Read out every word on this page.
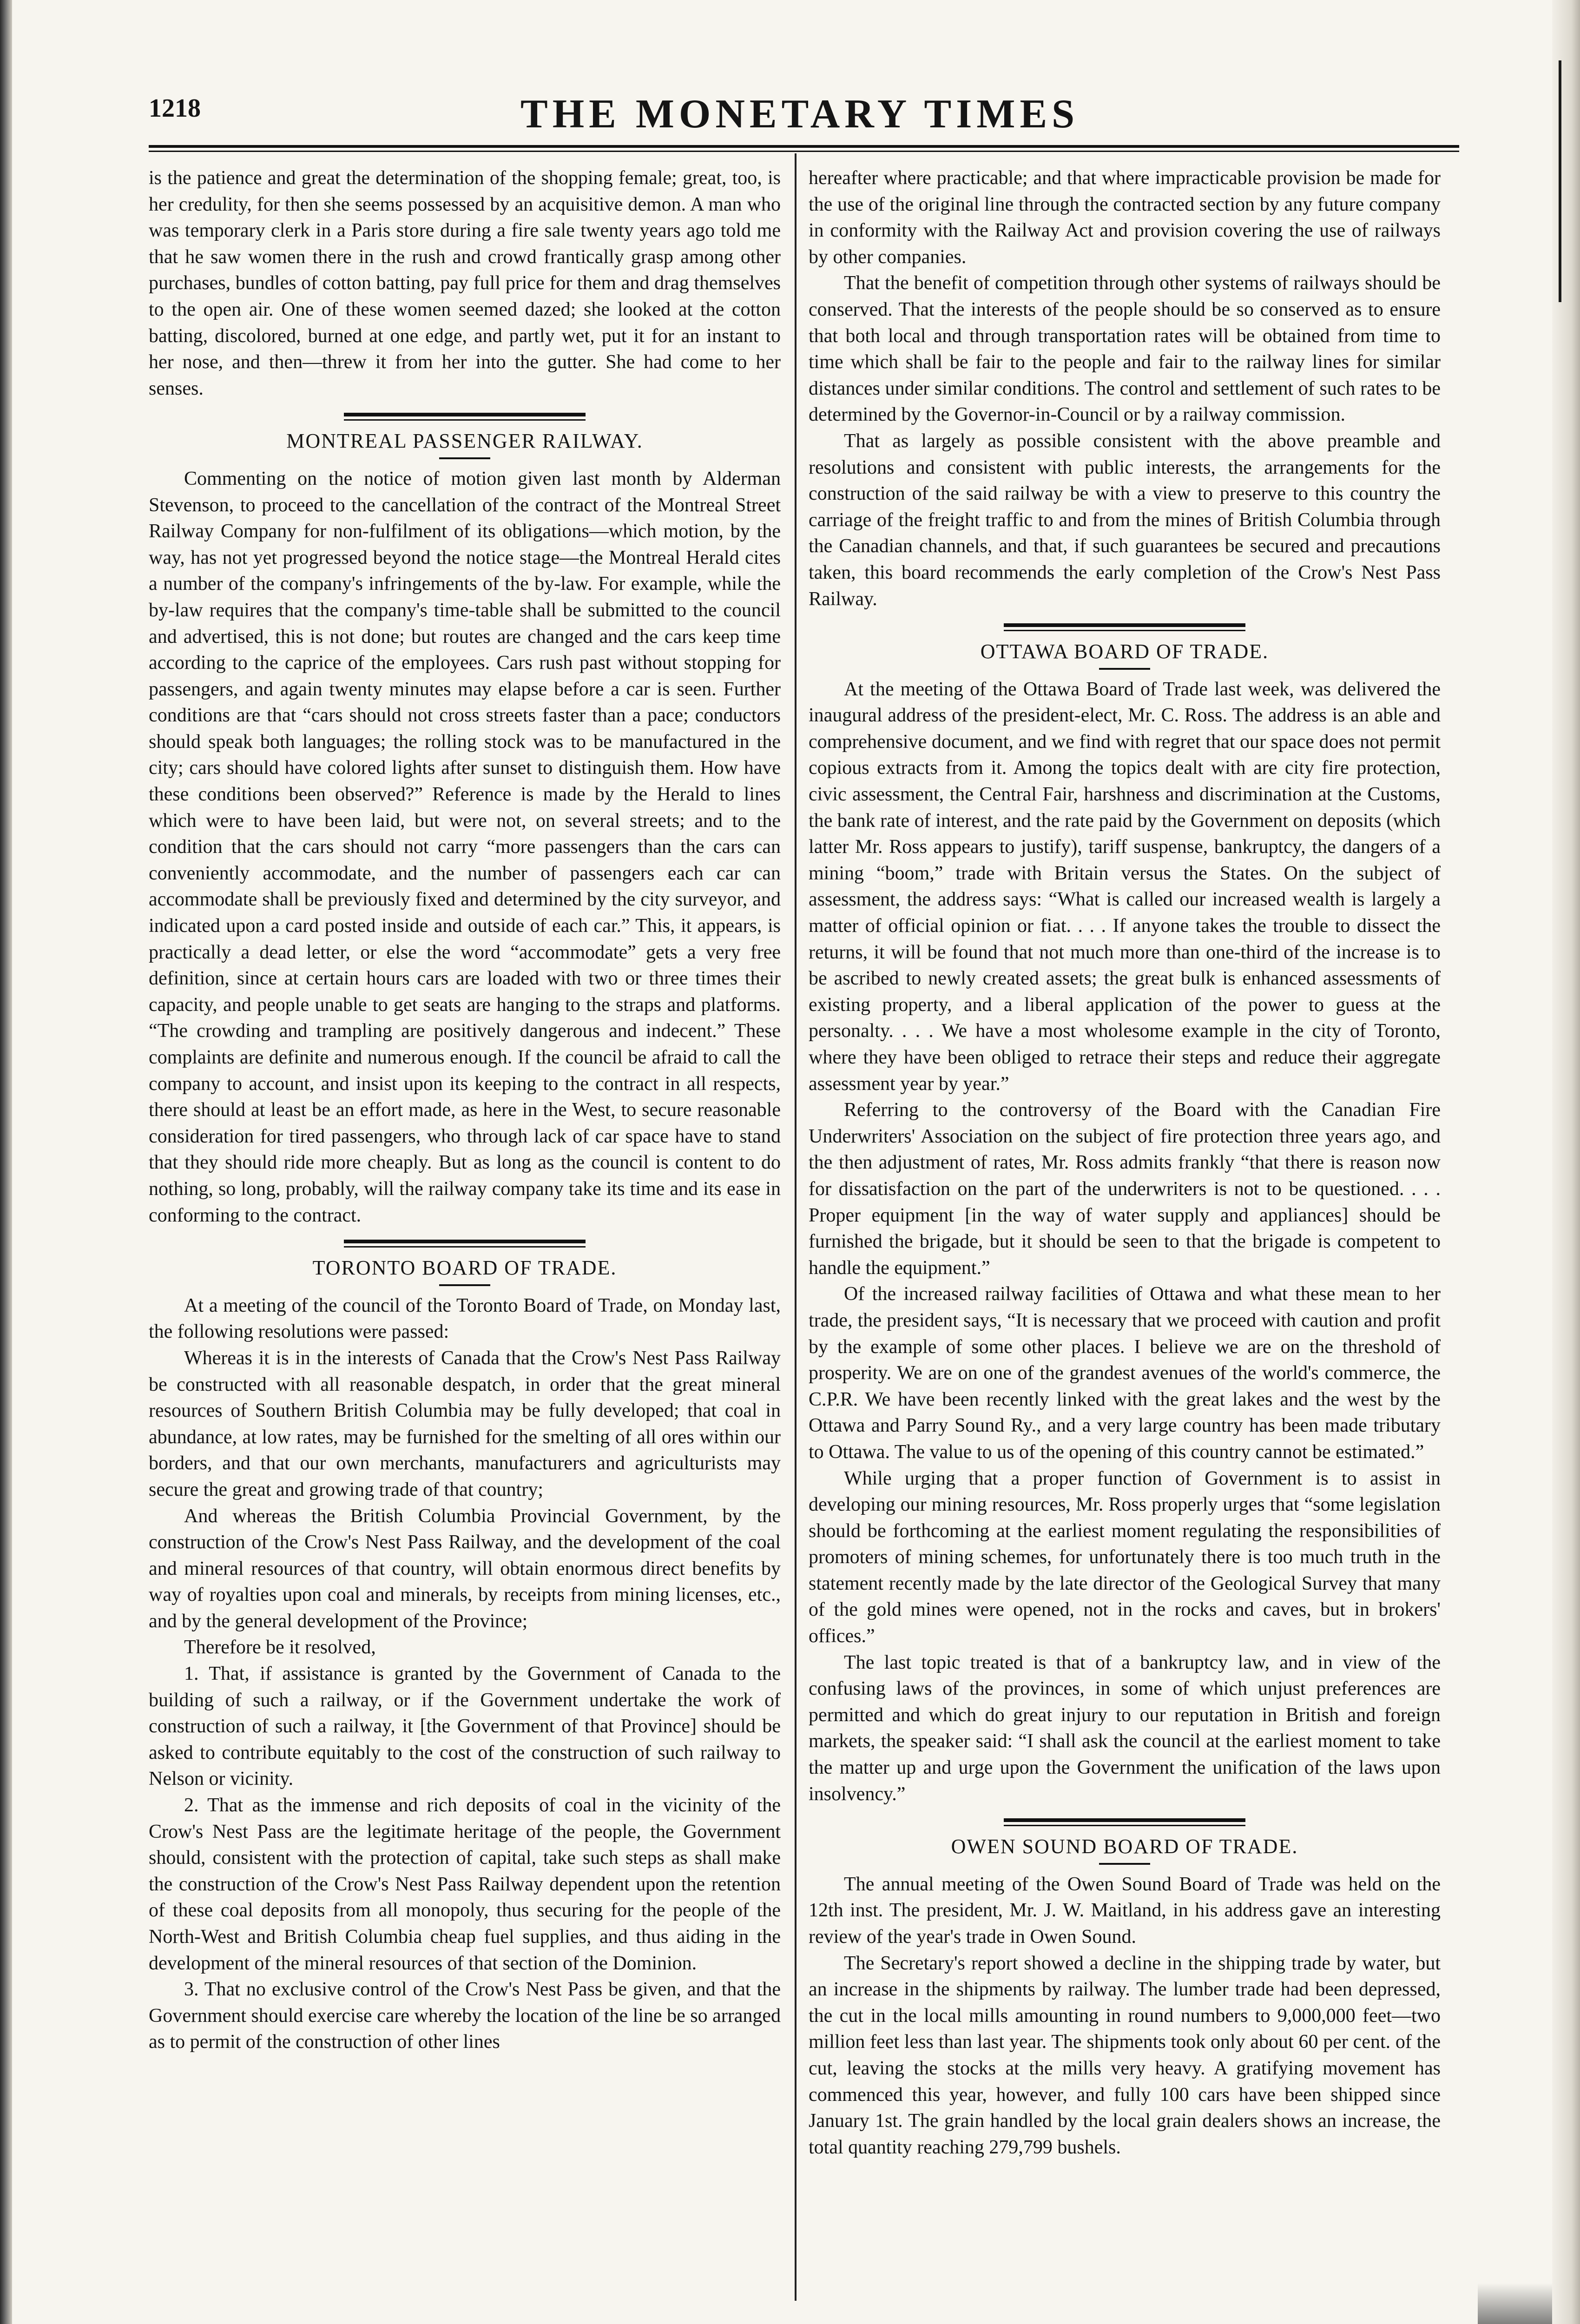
1218	THE MONETARY TIMES

is the patience and great the determination of the shopping female; great, too, is her credulity, for then she seems possessed by an acquisitive demon. A man who was temporary clerk in a Paris store during a fire sale twenty years ago told me that he saw women there in the rush and crowd frantically grasp among other purchases, bundles of cotton batting, pay full price for them and drag themselves to the open air. One of these women seemed dazed; she looked at the cotton batting, discolored, burned at one edge, and partly wet, put it for an instant to her nose, and then—threw it from her into the gutter. She had come to her senses.

MONTREAL PASSENGER RAILWAY.

Commenting on the notice of motion given last month by Alderman Stevenson, to proceed to the cancellation of the contract of the Montreal Street Railway Company for non-fulfilment of its obligations—which motion, by the way, has not yet progressed beyond the notice stage—the Montreal Herald cites a number of the company's infringements of the by-law. For example, while the by-law requires that the company's time-table shall be submitted to the council and advertised, this is not done; but routes are changed and the cars keep time according to the caprice of the employees. Cars rush past without stopping for passengers, and again twenty minutes may elapse before a car is seen. Further conditions are that “cars should not cross streets faster than a pace; conductors should speak both languages; the rolling stock was to be manufactured in the city; cars should have colored lights after sunset to distinguish them. How have these conditions been observed?” Reference is made by the Herald to lines which were to have been laid, but were not, on several streets; and to the condition that the cars should not carry “more passengers than the cars can conveniently accommodate, and the number of passengers each car can accommodate shall be previously fixed and determined by the city surveyor, and indicated upon a card posted inside and outside of each car.” This, it appears, is practically a dead letter, or else the word “accommodate” gets a very free definition, since at certain hours cars are loaded with two or three times their capacity, and people unable to get seats are hanging to the straps and platforms. “The crowding and trampling are positively dangerous and indecent.” These complaints are definite and numerous enough. If the council be afraid to call the company to account, and insist upon its keeping to the contract in all respects, there should at least be an effort made, as here in the West, to secure reasonable consideration for tired passengers, who through lack of car space have to stand that they should ride more cheaply. But as long as the council is content to do nothing, so long, probably, will the railway company take its time and its ease in conforming to the contract.

TORONTO BOARD OF TRADE.

At a meeting of the council of the Toronto Board of Trade, on Monday last, the following resolutions were passed:

Whereas it is in the interests of Canada that the Crow's Nest Pass Railway be constructed with all reasonable despatch, in order that the great mineral resources of Southern British Columbia may be fully developed; that coal in abundance, at low rates, may be furnished for the smelting of all ores within our borders, and that our own merchants, manufacturers and agriculturists may secure the great and growing trade of that country;

And whereas the British Columbia Provincial Government, by the construction of the Crow's Nest Pass Railway, and the development of the coal and mineral resources of that country, will obtain enormous direct benefits by way of royalties upon coal and minerals, by receipts from mining licenses, etc., and by the general development of the Province;

Therefore be it resolved,

1. That, if assistance is granted by the Government of Canada to the building of such a railway, or if the Government undertake the work of construction of such a railway, it [the Government of that Province] should be asked to contribute equitably to the cost of the construction of such railway to Nelson or vicinity.

2. That as the immense and rich deposits of coal in the vicinity of the Crow's Nest Pass are the legitimate heritage of the people, the Government should, consistent with the protection of capital, take such steps as shall make the construction of the Crow's Nest Pass Railway dependent upon the retention of these coal deposits from all monopoly, thus securing for the people of the North-West and British Columbia cheap fuel supplies, and thus aiding in the development of the mineral resources of that section of the Dominion.

3. That no exclusive control of the Crow's Nest Pass be given, and that the Government should exercise care whereby the location of the line be so arranged as to permit of the construction of other lines

hereafter where practicable; and that where impracticable provision be made for the use of the original line through the contracted section by any future company in conformity with the Railway Act and provision covering the use of railways by other companies.

That the benefit of competition through other systems of railways should be conserved. That the interests of the people should be so conserved as to ensure that both local and through transportation rates will be obtained from time to time which shall be fair to the people and fair to the railway lines for similar distances under similar conditions. The control and settlement of such rates to be determined by the Governor-in-Council or by a railway commission.

That as largely as possible consistent with the above preamble and resolutions and consistent with public interests, the arrangements for the construction of the said railway be with a view to preserve to this country the carriage of the freight traffic to and from the mines of British Columbia through the Canadian channels, and that, if such guarantees be secured and precautions taken, this board recommends the early completion of the Crow's Nest Pass Railway.

OTTAWA BOARD OF TRADE.

At the meeting of the Ottawa Board of Trade last week, was delivered the inaugural address of the president-elect, Mr. C. Ross. The address is an able and comprehensive document, and we find with regret that our space does not permit copious extracts from it. Among the topics dealt with are city fire protection, civic assessment, the Central Fair, harshness and discrimination at the Customs, the bank rate of interest, and the rate paid by the Government on deposits (which latter Mr. Ross appears to justify), tariff suspense, bankruptcy, the dangers of a mining “boom,” trade with Britain versus the States. On the subject of assessment, the address says: “What is called our increased wealth is largely a matter of official opinion or fiat. . . . If anyone takes the trouble to dissect the returns, it will be found that not much more than one-third of the increase is to be ascribed to newly created assets; the great bulk is enhanced assessments of existing property, and a liberal application of the power to guess at the personalty. . . . We have a most wholesome example in the city of Toronto, where they have been obliged to retrace their steps and reduce their aggregate assessment year by year.”

Referring to the controversy of the Board with the Canadian Fire Underwriters' Association on the subject of fire protection three years ago, and the then adjustment of rates, Mr. Ross admits frankly “that there is reason now for dissatisfaction on the part of the underwriters is not to be questioned. . . . Proper equipment [in the way of water supply and appliances] should be furnished the brigade, but it should be seen to that the brigade is competent to handle the equipment.”

Of the increased railway facilities of Ottawa and what these mean to her trade, the president says, “It is necessary that we proceed with caution and profit by the example of some other places. I believe we are on the threshold of prosperity. We are on one of the grandest avenues of the world's commerce, the C.P.R. We have been recently linked with the great lakes and the west by the Ottawa and Parry Sound Ry., and a very large country has been made tributary to Ottawa. The value to us of the opening of this country cannot be estimated.”

While urging that a proper function of Government is to assist in developing our mining resources, Mr. Ross properly urges that “some legislation should be forthcoming at the earliest moment regulating the responsibilities of promoters of mining schemes, for unfortunately there is too much truth in the statement recently made by the late director of the Geological Survey that many of the gold mines were opened, not in the rocks and caves, but in brokers' offices.”

The last topic treated is that of a bankruptcy law, and in view of the confusing laws of the provinces, in some of which unjust preferences are permitted and which do great injury to our reputation in British and foreign markets, the speaker said: “I shall ask the council at the earliest moment to take the matter up and urge upon the Government the unification of the laws upon insolvency.”

OWEN SOUND BOARD OF TRADE.

The annual meeting of the Owen Sound Board of Trade was held on the 12th inst. The president, Mr. J. W. Maitland, in his address gave an interesting review of the year's trade in Owen Sound.

The Secretary's report showed a decline in the shipping trade by water, but an increase in the shipments by railway. The lumber trade had been depressed, the cut in the local mills amounting in round numbers to 9,000,000 feet—two million feet less than last year. The shipments took only about 60 per cent. of the cut, leaving the stocks at the mills very heavy. A gratifying movement has commenced this year, however, and fully 100 cars have been shipped since January 1st. The grain handled by the local grain dealers shows an increase, the total quantity reaching 279,799 bushels.
